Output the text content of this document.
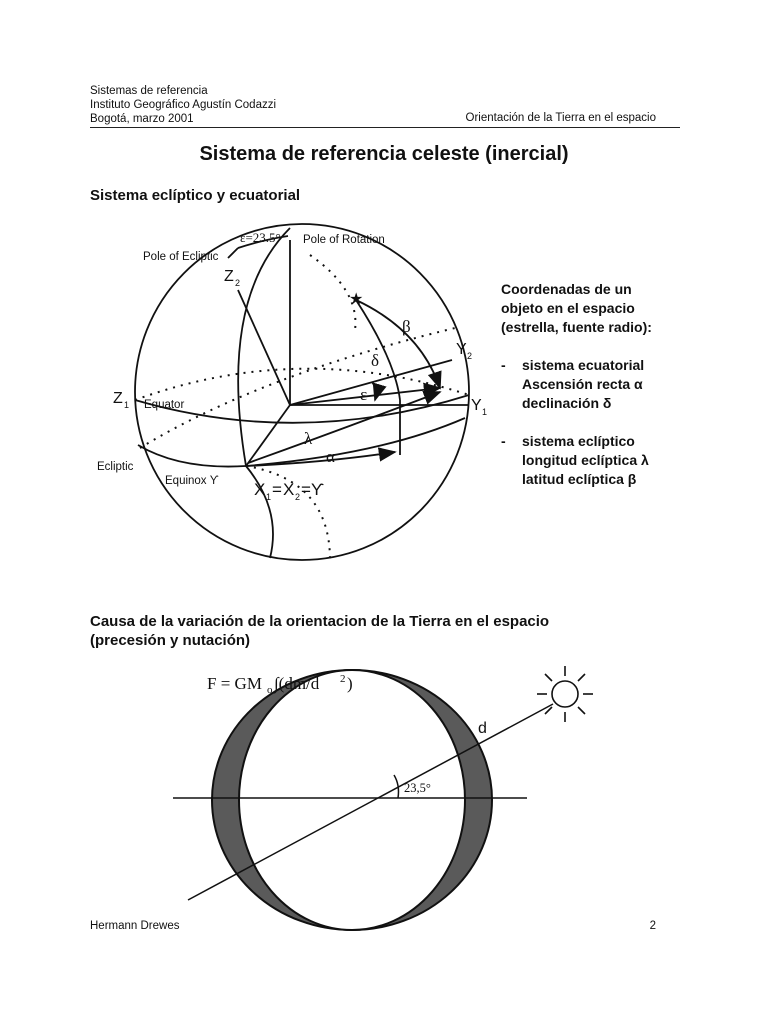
Sistemas de referencia
Instituto Geográfico Agustín Codazzi
Bogotá, marzo 2001	Orientación de la Tierra en el espacio
Sistema de referencia celeste (inercial)
Sistema eclíptico y ecuatorial
★
ε=23.5° Pole of Rotation
Pole of Ecliptic
Z 2
Z 1
Y 2
Y 1
β
δ
ε
λ
α
Equator
Ecliptic
Equinox ϒ X 1 = X 2 =ϒ

Coordenadas de un

objeto en el espacio

(estrella, fuente radio):

- sistema ecuatorial

Ascensión recta α

declinación δ

- sistema eclíptico

longitud eclíptica λ

latitud eclíptica β

Causa de la variación de la orientacion de la Tierra en el espacio
(precesión y nutación)
F = GM o ∫(dm/d 2 )
d
23,5°
Hermann Drewes	2
